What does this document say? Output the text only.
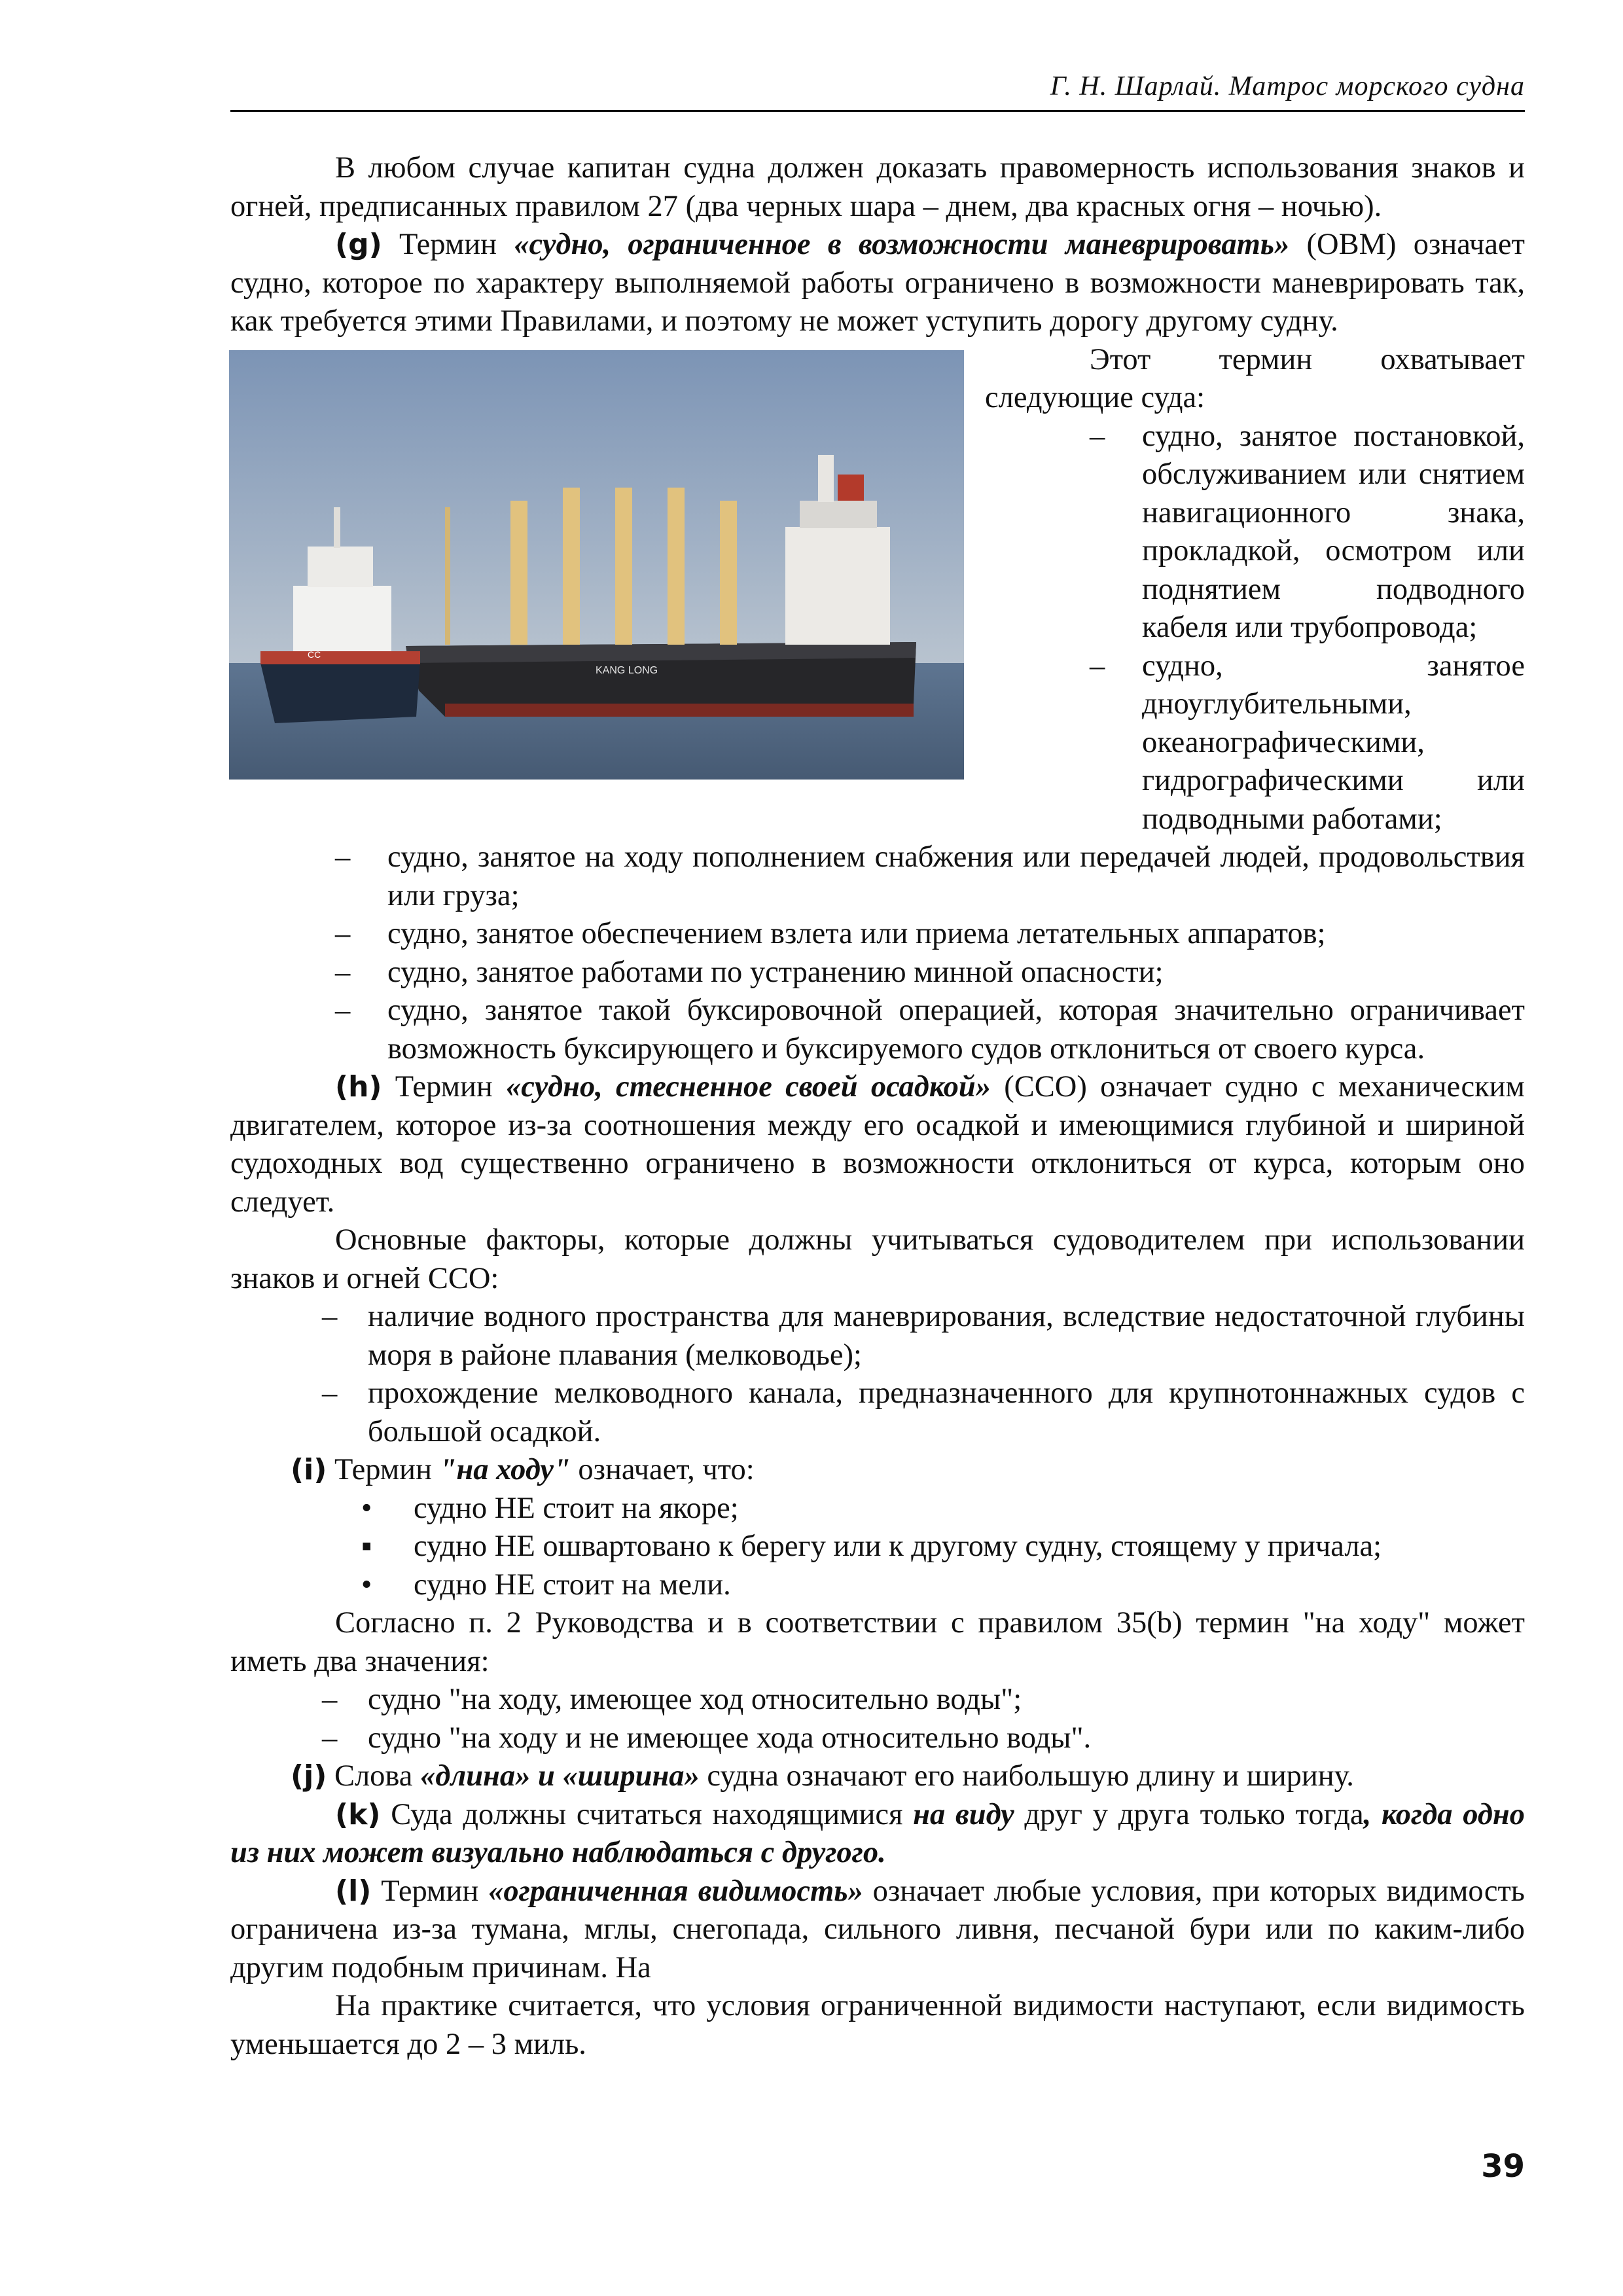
Г. Н. Шарлай. Матрос морского судна

В любом случае капитан судна должен доказать правомерность использования знаков и огней, предписанных правилом 27 (два черных шара – днем, два красных огня – ночью).

(g) Термин «судно, ограниченное в возможности маневрировать» (ОВМ) означает судно, которое по характеру выполняемой работы ограничено в возможности маневрировать так, как требуется этими Правилами, и поэтому не может уступить дорогу другому судну.

CC
KANG LONG

Этот термин охватывает следующие суда:

–	судно, занятое постановкой, обслуживанием или снятием навигационного знака, прокладкой, осмотром или поднятием подводного кабеля или трубопровода;
–	судно, занятое дноуглубительными, океанографическими, гидрографическими или подводными работами;
–	судно, занятое на ходу пополнением снабжения или передачей людей, продовольствия или груза;
–	судно, занятое обеспечением взлета или приема летательных аппаратов;
–	судно, занятое работами по устранению минной опасности;
–	судно, занятое такой буксировочной операцией, которая значительно ограничивает возможность буксирующего и буксируемого судов отклониться от своего курса.

(h) Термин «судно, стесненное своей осадкой» (ССО) означает судно с механическим двигателем, которое из-за соотношения между его осадкой и имеющимися глубиной и шириной судоходных вод существенно ограничено в возможности отклониться от курса, которым оно следует.

Основные факторы, которые должны учитываться судоводителем при использовании знаков и огней ССО:

–	наличие водного пространства для маневрирования, вследствие недостаточной глубины моря в районе плавания (мелководье);
–	прохождение мелководного канала, предназначенного для крупнотоннажных судов с большой осадкой.

(i) Термин "на ходу" означает, что:

•	судно НЕ стоит на якоре;
▪	судно НЕ ошвартовано к берегу или к другому судну, стоящему у причала;
•	судно НЕ стоит на мели.

Согласно п. 2 Руководства и в соответствии с правилом 35(b) термин "на ходу" может иметь два значения:

–	судно "на ходу, имеющее ход относительно воды";
–	судно "на ходу и не имеющее хода относительно воды".

(j) Слова «длина» и «ширина» судна означают его наибольшую длину и ширину.

(k) Суда должны считаться находящимися на виду друг у друга только тогда, когда одно из них может визуально наблюдаться с другого.

(l) Термин «ограниченная видимость» означает любые условия, при которых видимость ограничена из-за тумана, мглы, снегопада, сильного ливня, песчаной бури или по каким-либо другим подобным причинам. На

На практике считается, что условия ограниченной видимости наступают, если видимость уменьшается до 2 – 3 миль.

39
